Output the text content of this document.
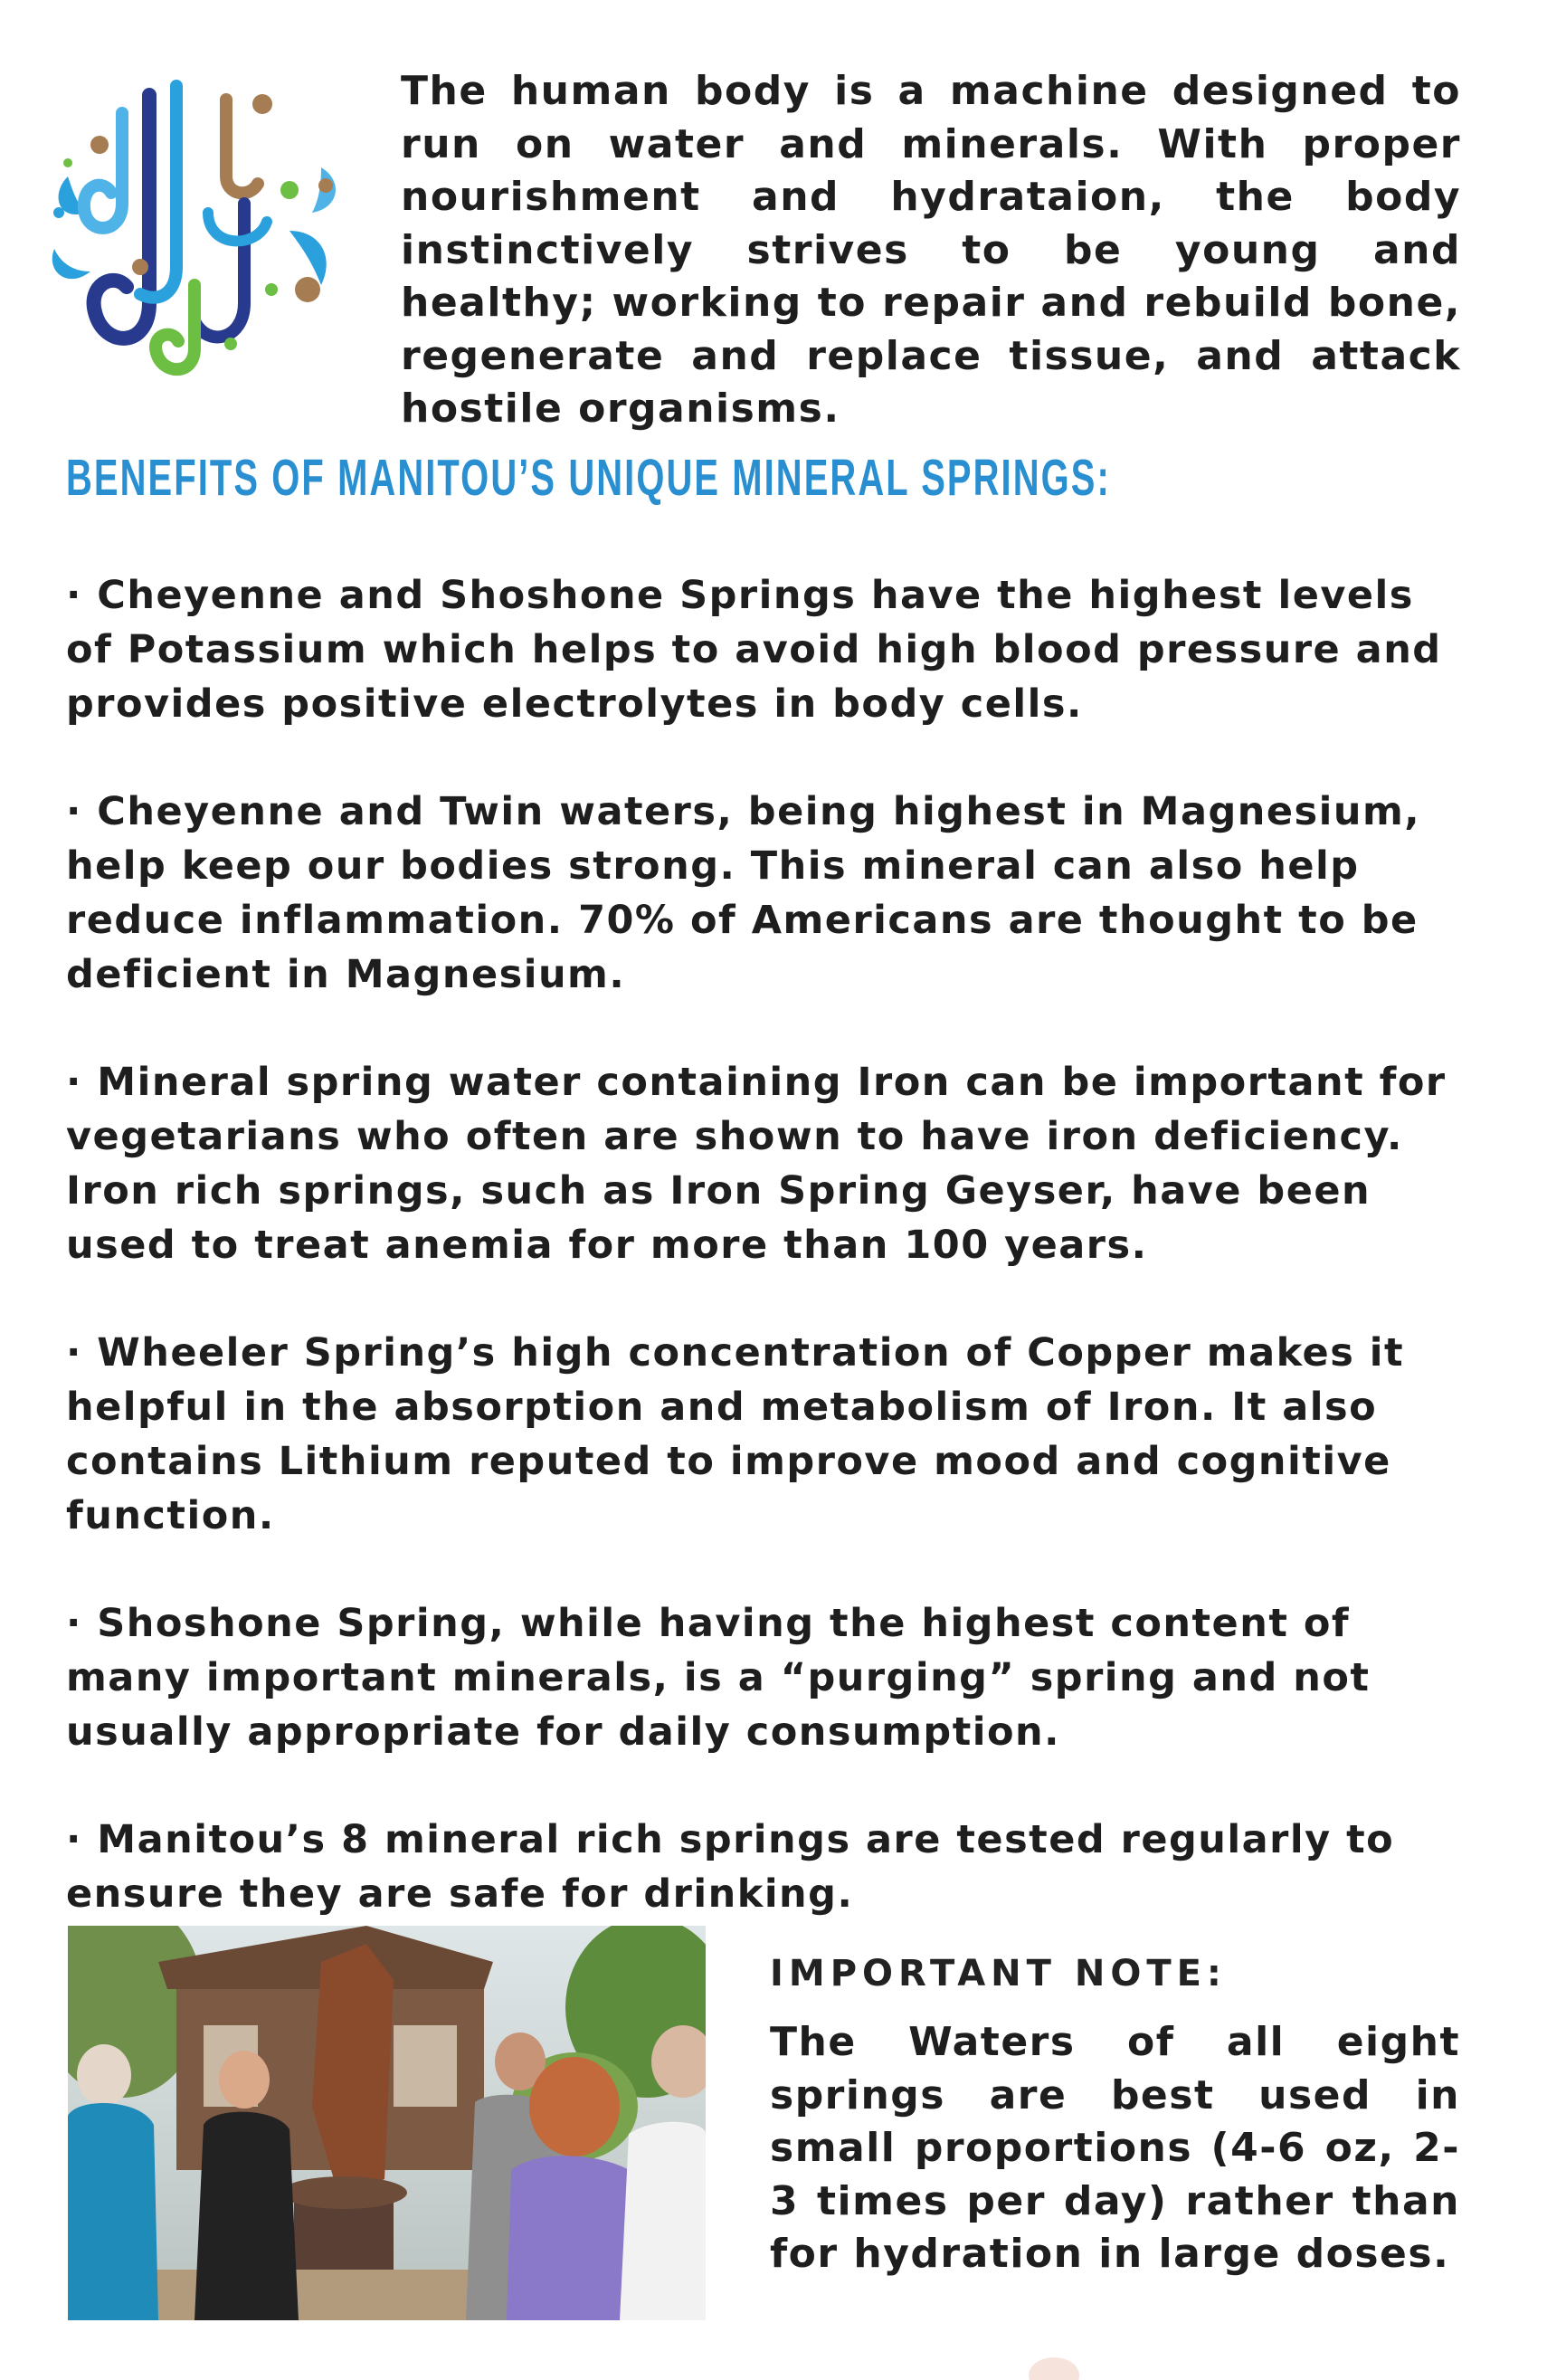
The human body is a machine designed to run on water and minerals. With proper nourishment and hydrataion, the body instinctively strives to be young and healthy; working to repair and rebuild bone, regenerate and replace tissue, and attack hostile organisms.

BENEFITS OF MANITOU’S UNIQUE MINERAL SPRINGS:
· Cheyenne and Shoshone Springs have the highest levels of Potassium which helps to avoid high blood pressure and provides positive electrolytes in body cells.
· Cheyenne and Twin waters, being highest in Magnesium, help keep our bodies strong. This mineral can also help reduce inflammation. 70% of Americans are thought to be deficient in Magnesium.
· Mineral spring water containing Iron can be important for vegetarians who often are shown to have iron deficiency. Iron rich springs, such as Iron Spring Geyser, have been used to treat anemia for more than 100 years.
· Wheeler Spring’s high concentration of Copper makes it helpful in the absorption and metabolism of Iron. It also contains Lithium reputed to improve mood and cognitive function.
· Shoshone Spring, while having the highest content of many important minerals, is a “purging” spring and not usually appropriate for daily consumption.
· Manitou’s 8 mineral rich springs are tested regularly to ensure they are safe for drinking.
IMPORTANT NOTE:

The Waters of all eight springs are best used in small proportions (4-6 oz, 2-3 times per day) rather than for hydration in large doses.
